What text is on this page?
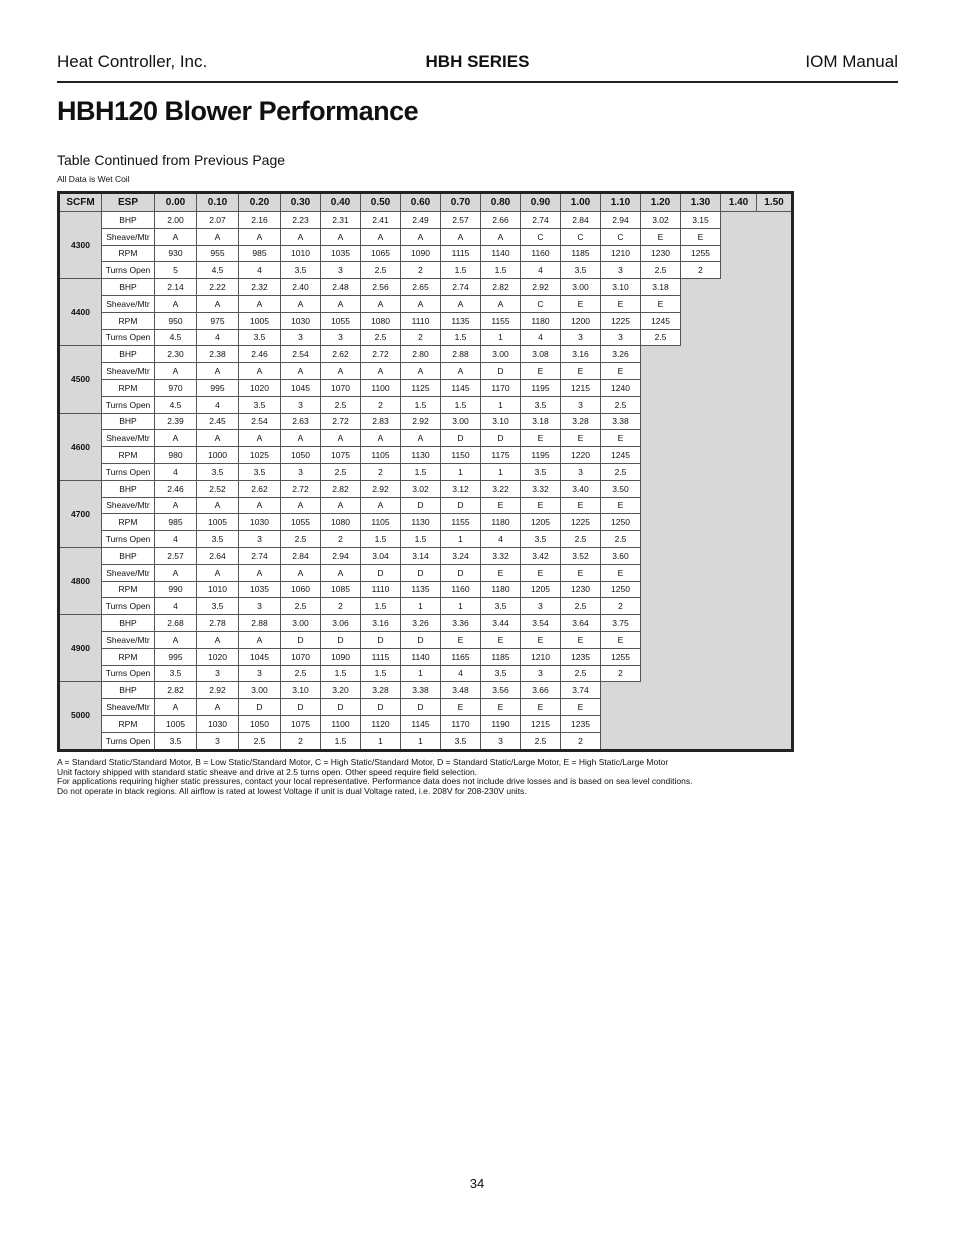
Heat Controller, Inc.	HBH SERIES	IOM Manual
HBH120 Blower Performance
Table Continued from Previous Page
All Data is Wet Coil
SCFM	ESP	0.00	0.10	0.20	0.30	0.40	0.50	0.60	0.70	0.80	0.90	1.00	1.10	1.20	1.30	1.40	1.50
4300	BHP	2.00	2.07	2.16	2.23	2.31	2.41	2.49	2.57	2.66	2.74	2.84	2.94	3.02	3.15		
	Sheave/Mtr	A	A	A	A	A	A	A	A	A	C	C	C	E	E		
	RPM	930	955	985	1010	1035	1065	1090	1115	1140	1160	1185	1210	1230	1255		
	Turns Open	5	4.5	4	3.5	3	2.5	2	1.5	1.5	4	3.5	3	2.5	2		
4400	BHP	2.14	2.22	2.32	2.40	2.48	2.56	2.65	2.74	2.82	2.92	3.00	3.10	3.18			
	Sheave/Mtr	A	A	A	A	A	A	A	A	A	C	E	E	E			
	RPM	950	975	1005	1030	1055	1080	1110	1135	1155	1180	1200	1225	1245			
	Turns Open	4.5	4	3.5	3	3	2.5	2	1.5	1	4	3	3	2.5			
4500	BHP	2.30	2.38	2.46	2.54	2.62	2.72	2.80	2.88	3.00	3.08	3.16	3.26				
	Sheave/Mtr	A	A	A	A	A	A	A	A	D	E	E	E				
	RPM	970	995	1020	1045	1070	1100	1125	1145	1170	1195	1215	1240				
	Turns Open	4.5	4	3.5	3	2.5	2	1.5	1.5	1	3.5	3	2.5				
4600	BHP	2.39	2.45	2.54	2.63	2.72	2.83	2.92	3.00	3.10	3.18	3.28	3.38				
	Sheave/Mtr	A	A	A	A	A	A	A	D	D	E	E	E				
	RPM	980	1000	1025	1050	1075	1105	1130	1150	1175	1195	1220	1245				
	Turns Open	4	3.5	3.5	3	2.5	2	1.5	1	1	3.5	3	2.5				
4700	BHP	2.46	2.52	2.62	2.72	2.82	2.92	3.02	3.12	3.22	3.32	3.40	3.50				
	Sheave/Mtr	A	A	A	A	A	A	D	D	E	E	E	E				
	RPM	985	1005	1030	1055	1080	1105	1130	1155	1180	1205	1225	1250				
	Turns Open	4	3.5	3	2.5	2	1.5	1.5	1	4	3.5	2.5	2.5				
4800	BHP	2.57	2.64	2.74	2.84	2.94	3.04	3.14	3.24	3.32	3.42	3.52	3.60				
	Sheave/Mtr	A	A	A	A	A	D	D	D	E	E	E	E				
	RPM	990	1010	1035	1060	1085	1110	1135	1160	1180	1205	1230	1250				
	Turns Open	4	3.5	3	2.5	2	1.5	1	1	3.5	3	2.5	2				
4900	BHP	2.68	2.78	2.88	3.00	3.06	3.16	3.26	3.36	3.44	3.54	3.64	3.75				
	Sheave/Mtr	A	A	A	D	D	D	D	E	E	E	E	E				
	RPM	995	1020	1045	1070	1090	1115	1140	1165	1185	1210	1235	1255				
	Turns Open	3.5	3	3	2.5	1.5	1.5	1	4	3.5	3	2.5	2				
5000	BHP	2.82	2.92	3.00	3.10	3.20	3.28	3.38	3.48	3.56	3.66	3.74					
	Sheave/Mtr	A	A	D	D	D	D	D	E	E	E	E					
	RPM	1005	1030	1050	1075	1100	1120	1145	1170	1190	1215	1235					
	Turns Open	3.5	3	2.5	2	1.5	1	1	3.5	3	2.5	2					
A = Standard Static/Standard Motor, B = Low Static/Standard Motor, C = High Static/Standard Motor, D = Standard Static/Large Motor, E = High Static/Large Motor
Unit factory shipped with standard static sheave and drive at 2.5 turns open. Other speed require field selection.
For applications requiring higher static pressures, contact your local representative. Performance data does not include drive losses and is based on sea level conditions.
Do not operate in black regions. All airflow is rated at lowest Voltage if unit is dual Voltage rated, i.e. 208V for 208-230V units.
34
